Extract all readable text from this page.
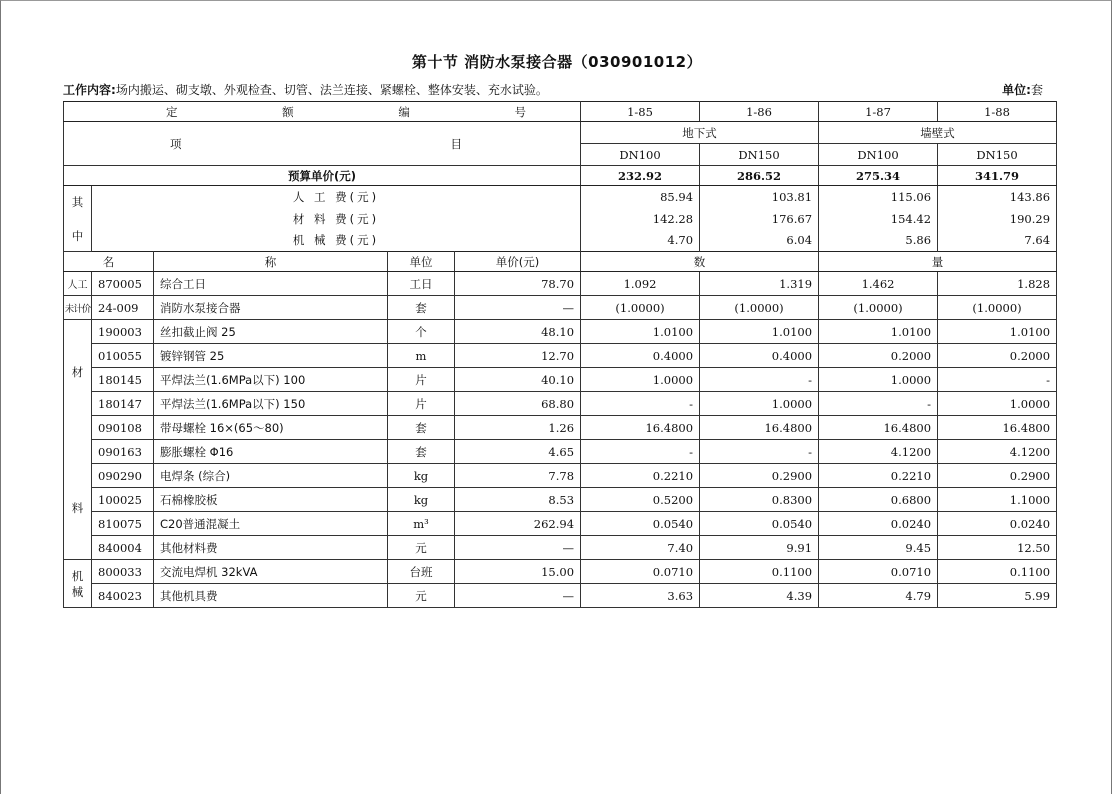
第十节 消防水泵接合器（030901012）
工作内容:场内搬运、砌支墩、外观检查、切管、法兰连接、紧螺栓、整体安装、充水试验。	单位:套
定 额 编 号					1-85	1-86	1-87	1-88

项 目					地下式		墙壁式	
					DN100	DN150	DN100	DN150
预算单价(元)					232.92	286.52	275.34	341.79

其
中	人 工 费(元)				85.94	103.81	115.06	143.86
	材 料 费(元)				142.28	176.67	154.42	190.29
	机 械 费(元)				4.70	6.04	5.86	7.64
名		称	单位	单价(元)	数		量	
人工	870005	综合工日	工日	78.70	1.092	1.319	1.462	1.828
未计价	24-009	消防水泵接合器	套	—	(1.0000)	(1.0000)	(1.0000)	(1.0000)

材
料	190003	丝扣截止阀 25	个	48.10	1.0100	1.0100	1.0100	1.0100
	010055	镀锌钢管 25	m	12.70	0.4000	0.4000	0.2000	0.2000
	180145	平焊法兰(1.6MPa以下) 100	片	40.10	1.0000	-	1.0000	-
	180147	平焊法兰(1.6MPa以下) 150	片	68.80	-	1.0000	-	1.0000
	090108	带母螺栓 16×(65～80)	套	1.26	16.4800	16.4800	16.4800	16.4800
	090163	膨胀螺栓 Φ16	套	4.65	-	-	4.1200	4.1200
	090290	电焊条 (综合)	kg	7.78	0.2210	0.2900	0.2210	0.2900
	100025	石棉橡胶板	kg	8.53	0.5200	0.8300	0.6800	1.1000
	810075	C20普通混凝土	m³	262.94	0.0540	0.0540	0.0240	0.0240
	840004	其他材料费	元	—	7.40	9.91	9.45	12.50

机
械	800033	交流电焊机 32kVA	台班	15.00	0.0710	0.1100	0.0710	0.1100
	840023	其他机具费	元	—	3.63	4.39	4.79	5.99
